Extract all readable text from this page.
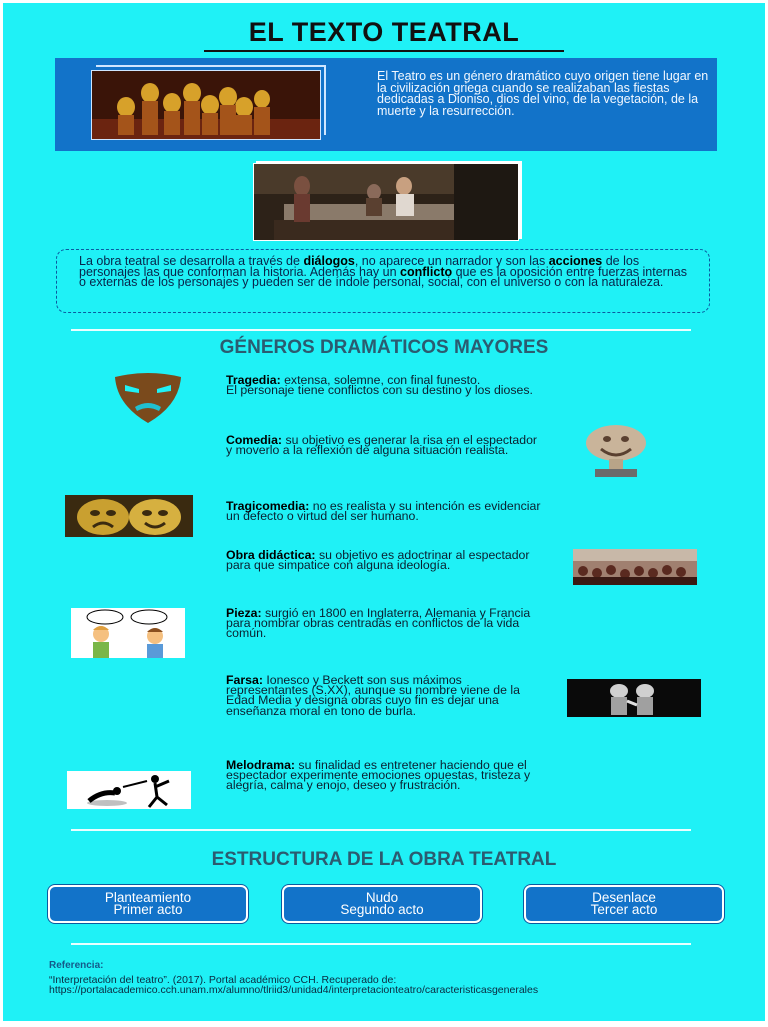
EL TEXTO TEATRAL
El Teatro es un género dramático cuyo origen tiene lugar en la civilización griega cuando se realizaban las fiestas dedicadas a Dioniso, dios del vino, de la vegetación, de la muerte y la resurrección.

La obra teatral se desarrolla a través de diálogos, no aparece un narrador y son las acciones de los personajes las que conforman la historia. Además hay un conflicto que es la oposición entre fuerzas internas o externas de los personajes y pueden ser de índole personal, social, con el universo o con la naturaleza.

GÉNEROS DRAMÁTICOS MAYORES
Tragedia: extensa, solemne, con final funesto.
El personaje tiene conflictos con su destino y los dioses.
Comedia: su objetivo es generar la risa en el espectador y moverlo a la reflexión de alguna situación realista.
Tragicomedia: no es realista y su intención es evidenciar un defecto o virtud del ser humano.
Obra didáctica: su objetivo es adoctrinar al espectador para que simpatice con alguna ideología.
Pieza: surgió en 1800 en Inglaterra, Alemania y Francia para nombrar obras centradas en conflictos de la vida común.
Farsa: Ionesco y Beckett son sus máximos representantes (S.XX), aunque su nombre viene de la Edad Media y designa obras cuyo fin es dejar una enseñanza moral en tono de burla.
Melodrama: su finalidad es entretener haciendo que el espectador experimente emociones opuestas, tristeza y alegría, calma y enojo, deseo y frustración.
ESTRUCTURA DE LA OBRA TEATRAL
Planteamiento
Primer acto
Nudo
Segundo acto
Desenlace
Tercer acto
Referencia:
“Interpretación del teatro”. (2017). Portal académico CCH. Recuperado de: https://portalacademico.cch.unam.mx/alumno/tlriid3/unidad4/interpretacionteatro/caracteristicasgenerales
